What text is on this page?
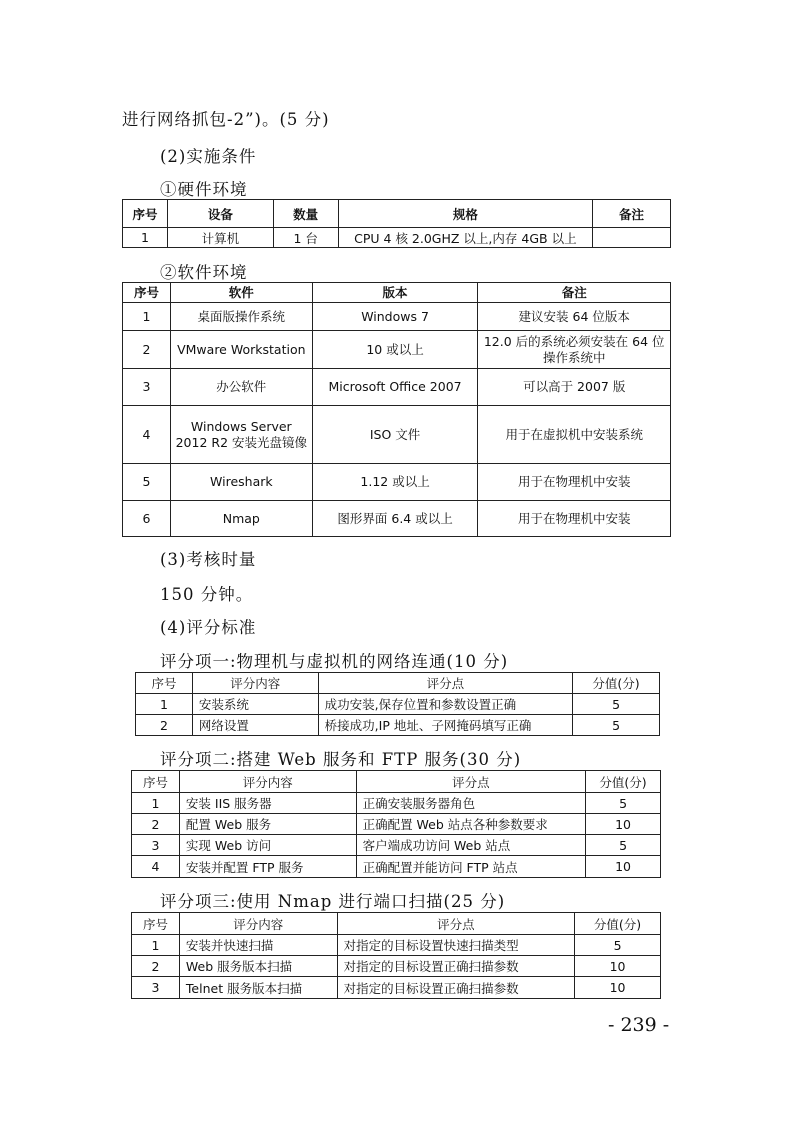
进行网络抓包-2”)。(5 分)
(2)实施条件
①硬件环境
序号	设备	数量	规格	备注
1	计算机	1 台	CPU 4 核 2.0GHZ 以上,内存 4GB 以上	
②软件环境
序号	软件	版本	备注
1	桌面版操作系统	Windows 7	建议安装 64 位版本
2	VMware Workstation	10 或以上	12.0 后的系统必须安装在 64 位操作系统中
3	办公软件	Microsoft Office 2007	可以高于 2007 版
4	Windows Server 2012 R2 安装光盘镜像	ISO 文件	用于在虚拟机中安装系统
5	Wireshark	1.12 或以上	用于在物理机中安装
6	Nmap	图形界面 6.4 或以上	用于在物理机中安装
(3)考核时量
150 分钟。
(4)评分标准
评分项一:物理机与虚拟机的网络连通(10 分)
序号	评分内容	评分点	分值(分)
1	安装系统	成功安装,保存位置和参数设置正确	5
2	网络设置	桥接成功,IP 地址、子网掩码填写正确	5
评分项二:搭建 Web 服务和 FTP 服务(30 分)
序号	评分内容	评分点	分值(分)
1	安装 IIS 服务器	正确安装服务器角色	5
2	配置 Web 服务	正确配置 Web 站点各种参数要求	10
3	实现 Web 访问	客户端成功访问 Web 站点	5
4	安装并配置 FTP 服务	正确配置并能访问 FTP 站点	10
评分项三:使用 Nmap 进行端口扫描(25 分)
序号	评分内容	评分点	分值(分)
1	安装并快速扫描	对指定的目标设置快速扫描类型	5
2	Web 服务版本扫描	对指定的目标设置正确扫描参数	10
3	Telnet 服务版本扫描	对指定的目标设置正确扫描参数	10
- 239 -
